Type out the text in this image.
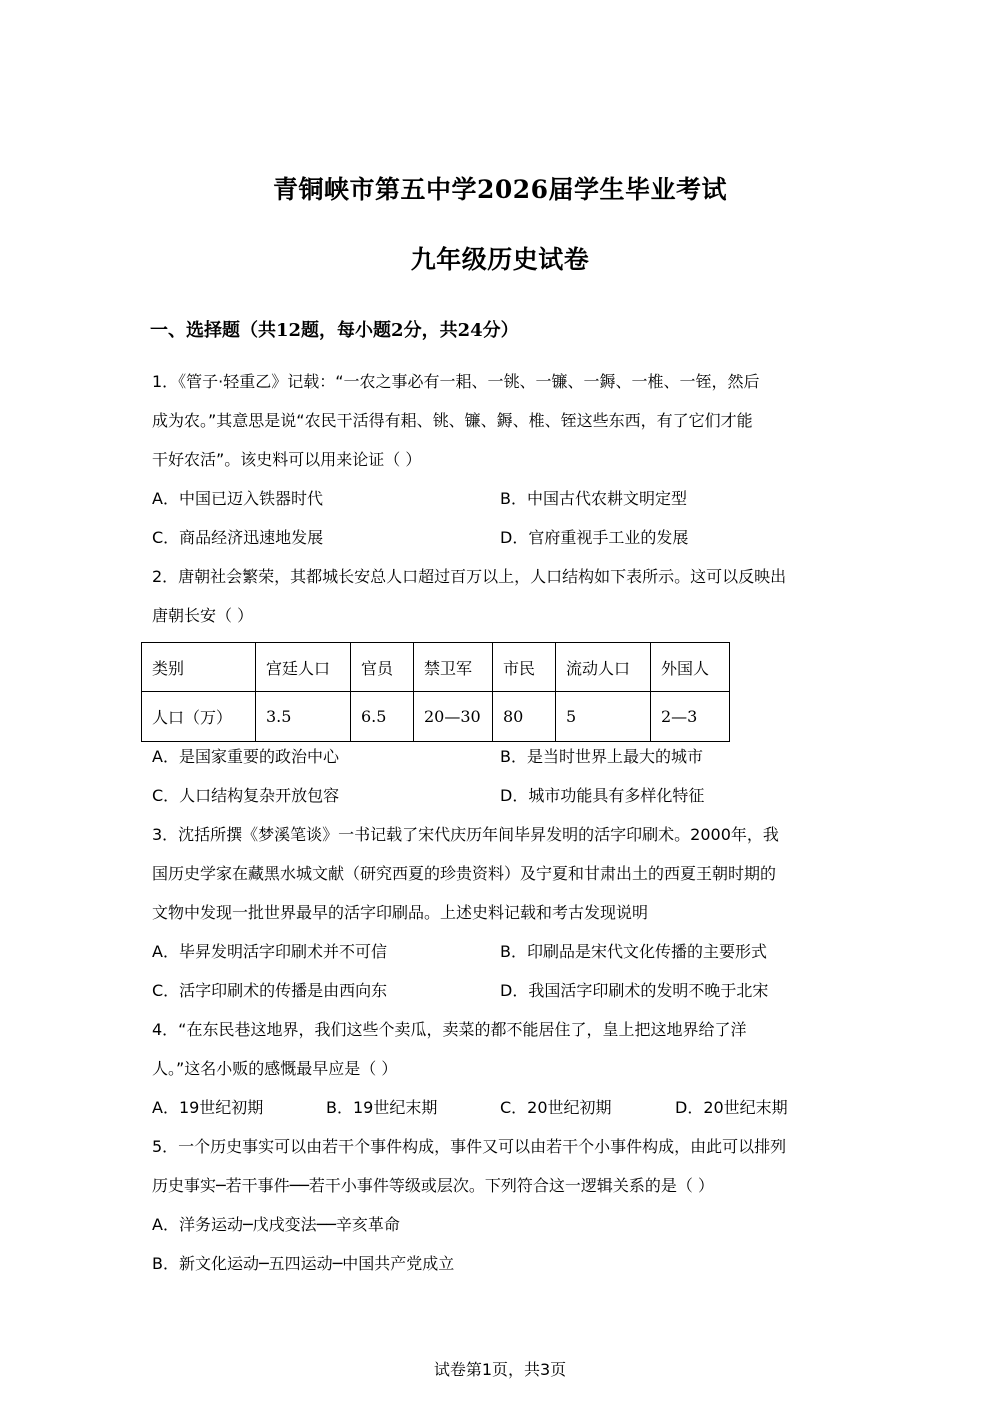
青铜峡市第五中学2026届学生毕业考试
九年级历史试卷
一、选择题（共12题，每小题2分，共24分）
1．《管子·轻重乙》记载：“一农之事必有一耜、一铫、一镰、一鎒、一椎、一铚，然后
成为农。”其意思是说“农民干活得有耜、铫、镰、鎒、椎、铚这些东西，有了它们才能
干好农活”。该史料可以用来论证（ ）
A．中国已迈入铁器时代	B．中国古代农耕文明定型
C．商品经济迅速地发展	D．官府重视手工业的发展
2．唐朝社会繁荣，其都城长安总人口超过百万以上，人口结构如下表所示。这可以反映出
唐朝长安（ ）
类别	宫廷人口	官员	禁卫军	市民	流动人口	外国人
人口（万）	3.5	6.5	20—30	80	5	2—3
A．是国家重要的政治中心	B．是当时世界上最大的城市
C．人口结构复杂开放包容	D．城市功能具有多样化特征
3．沈括所撰《梦溪笔谈》一书记载了宋代庆历年间毕昇发明的活字印刷术。2000年，我
国历史学家在藏黑水城文献（研究西夏的珍贵资料）及宁夏和甘肃出土的西夏王朝时期的
文物中发现一批世界最早的活字印刷品。上述史料记载和考古发现说明
A．毕昇发明活字印刷术并不可信	B．印刷品是宋代文化传播的主要形式
C．活字印刷术的传播是由西向东	D．我国活字印刷术的发明不晚于北宋
4．“在东民巷这地界，我们这些个卖瓜，卖菜的都不能居住了，皇上把这地界给了洋
人。”这名小贩的感慨最早应是（ ）
A．19世纪初期	B．19世纪末期	C．20世纪初期	D．20世纪末期
5．一个历史事实可以由若干个事件构成，事件又可以由若干个小事件构成，由此可以排列
历史事实─若干事件──若干小事件等级或层次。下列符合这一逻辑关系的是（ ）
A．洋务运动─戊戌变法──辛亥革命
B．新文化运动─五四运动─中国共产党成立
试卷第1页，共3页
